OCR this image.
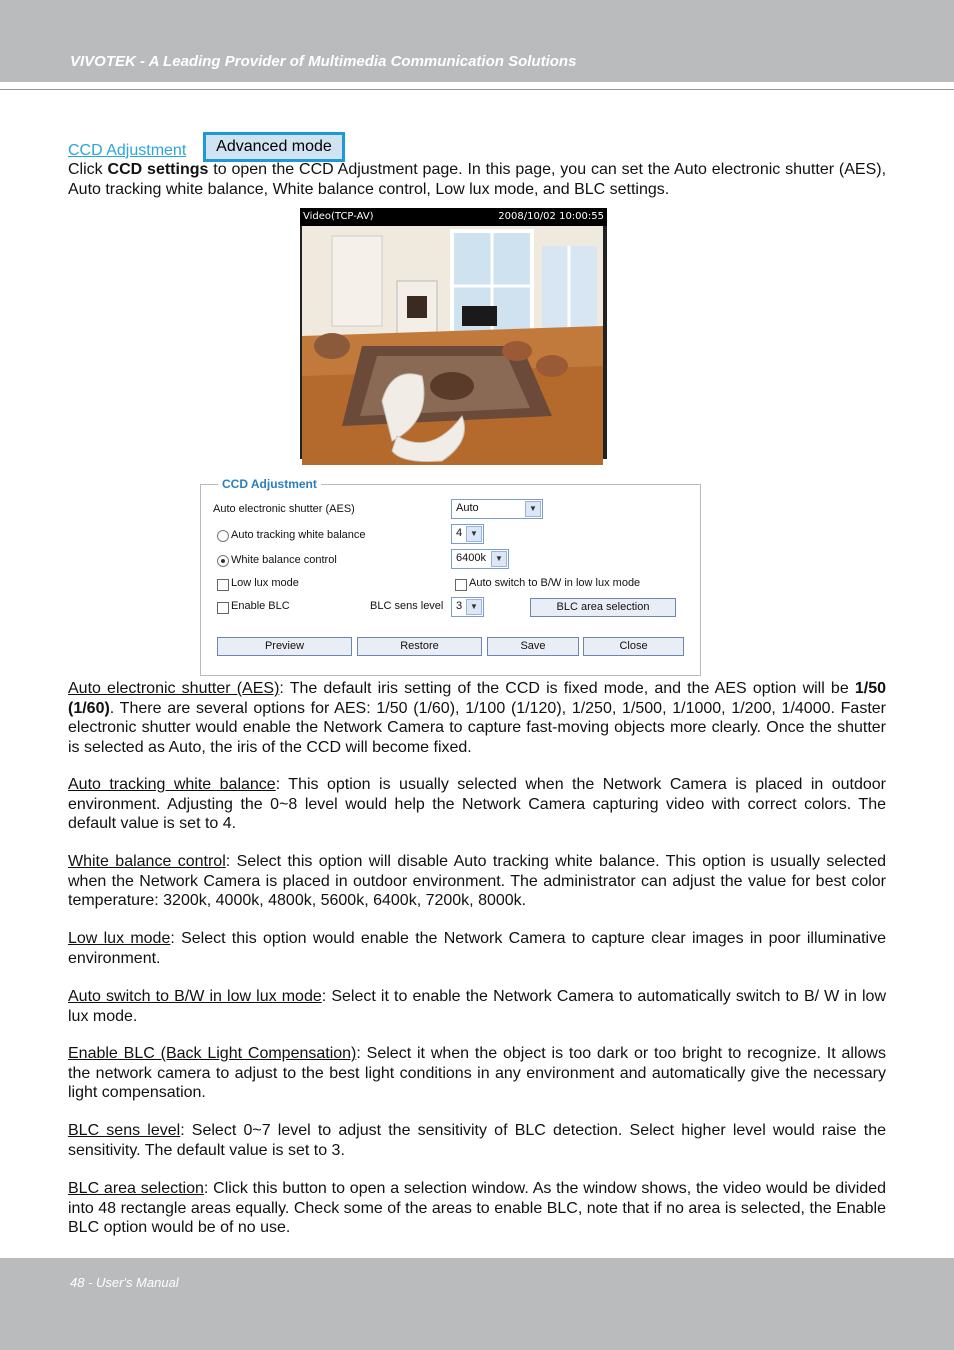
VIVOTEK - A Leading Provider of Multimedia Communication Solutions
CCD Adjustment	Advanced mode
Click CCD settings to open the CCD Adjustment page. In this page, you can set the Auto electronic shutter (AES), Auto tracking white balance, White balance control, Low lux mode, and BLC settings.
Video(TCP-AV)	2008/10/02 10:00:55
CCD Adjustment
Auto electronic shutter (AES)	Auto	▼
Auto tracking white balance	4 ▼
White balance control	6400k	▼
Low lux mode	Auto switch to B/W in low lux mode
Enable BLC	BLC sens level 3 ▼	BLC area selection
Preview	Restore	Save	Close
Auto electronic shutter (AES): The default iris setting of the CCD is fixed mode, and the AES option will be 1/50 (1/60). There are several options for AES: 1/50 (1/60), 1/100 (1/120), 1/250, 1/500, 1/1000, 1/200, 1/4000. Faster electronic shutter would enable the Network Camera to capture fast-moving objects more clearly. Once the shutter is selected as Auto, the iris of the CCD will become fixed.
Auto tracking white balance: This option is usually selected when the Network Camera is placed in outdoor environment. Adjusting the 0~8 level would help the Network Camera capturing video with correct colors. The default value is set to 4.
White balance control: Select this option will disable Auto tracking white balance. This option is usually selected when the Network Camera is placed in outdoor environment. The administrator can adjust the value for best color temperature: 3200k, 4000k, 4800k, 5600k, 6400k, 7200k, 8000k.
Low lux mode: Select this option would enable the Network Camera to capture clear images in poor illuminative environment.
Auto switch to B/W in low lux mode: Select it to enable the Network Camera to automatically switch to B/ W in low lux mode.
Enable BLC (Back Light Compensation): Select it when the object is too dark or too bright to recognize. It allows the network camera to adjust to the best light conditions in any environment and automatically give the necessary light compensation.
BLC sens level: Select 0~7 level to adjust the sensitivity of BLC detection. Select higher level would raise the sensitivity. The default value is set to 3.
BLC area selection: Click this button to open a selection window. As the window shows, the video would be divided into 48 rectangle areas equally. Check some of the areas to enable BLC, note that if no area is selected, the Enable BLC option would be of no use.
48 - User's Manual
